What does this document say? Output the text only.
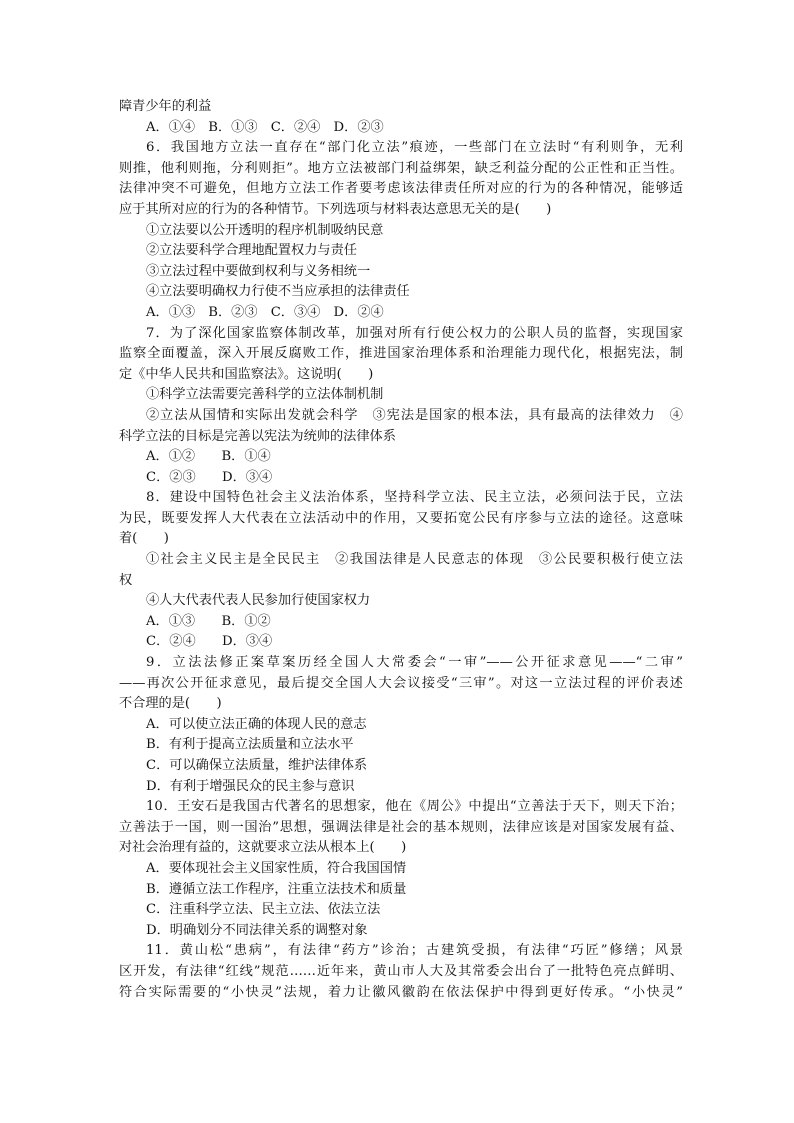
障青少年的利益
A．①④　B．①③　C．②④　D．②③
6．我国地方立法一直存在“部门化立法”痕迹，一些部门在立法时“有利则争，无利
则推，他利则拖，分利则拒”。地方立法被部门利益绑架，缺乏利益分配的公正性和正当性。
法律冲突不可避免，但地方立法工作者要考虑该法律责任所对应的行为的各种情况，能够适
应于其所对应的行为的各种情节。下列选项与材料表达意思无关的是(　　)
①立法要以公开透明的程序机制吸纳民意
②立法要科学合理地配置权力与责任
③立法过程中要做到权利与义务相统一
④立法要明确权力行使不当应承担的法律责任
A．①③　B．②③　C．③④　D．②④
7．为了深化国家监察体制改革，加强对所有行使公权力的公职人员的监督，实现国家
监察全面覆盖，深入开展反腐败工作，推进国家治理体系和治理能力现代化，根据宪法，制
定《中华人民共和国监察法》。这说明(　　)
①科学立法需要完善科学的立法体制机制
②立法从国情和实际出发就会科学　③宪法是国家的根本法，具有最高的法律效力　④
科学立法的目标是完善以宪法为统帅的法律体系
A．①②　　B．①④
C．②③　　D．③④
8．建设中国特色社会主义法治体系，坚持科学立法、民主立法，必须问法于民，立法
为民，既要发挥人大代表在立法活动中的作用，又要拓宽公民有序参与立法的途径。这意味
着(　　)
①社会主义民主是全民民主　②我国法律是人民意志的体现　③公民要积极行使立法
权
④人大代表代表人民参加行使国家权力
A．①③　　B．①②
C．②④　　D．③④
9．立法法修正案草案历经全国人大常委会“一审”——公开征求意见——“二审”
——再次公开征求意见，最后提交全国人大会议接受“三审”。对这一立法过程的评价表述
不合理的是(　　)
A．可以使立法正确的体现人民的意志
B．有利于提高立法质量和立法水平
C．可以确保立法质量，维护法律体系
D．有利于增强民众的民主参与意识
10．王安石是我国古代著名的思想家，他在《周公》中提出“立善法于天下，则天下治；
立善法于一国，则一国治”思想，强调法律是社会的基本规则，法律应该是对国家发展有益、
对社会治理有益的，这就要求立法从根本上(　　)
A．要体现社会主义国家性质，符合我国国情
B．遵循立法工作程序，注重立法技术和质量
C．注重科学立法、民主立法、依法立法
D．明确划分不同法律关系的调整对象
11．黄山松“患病”，有法律“药方”诊治；古建筑受损，有法律“巧匠”修缮；风景
区开发，有法律“红线”规范……近年来，黄山市人大及其常委会出台了一批特色亮点鲜明、
符合实际需要的“小快灵”法规，着力让徽风徽韵在依法保护中得到更好传承。“小快灵”
